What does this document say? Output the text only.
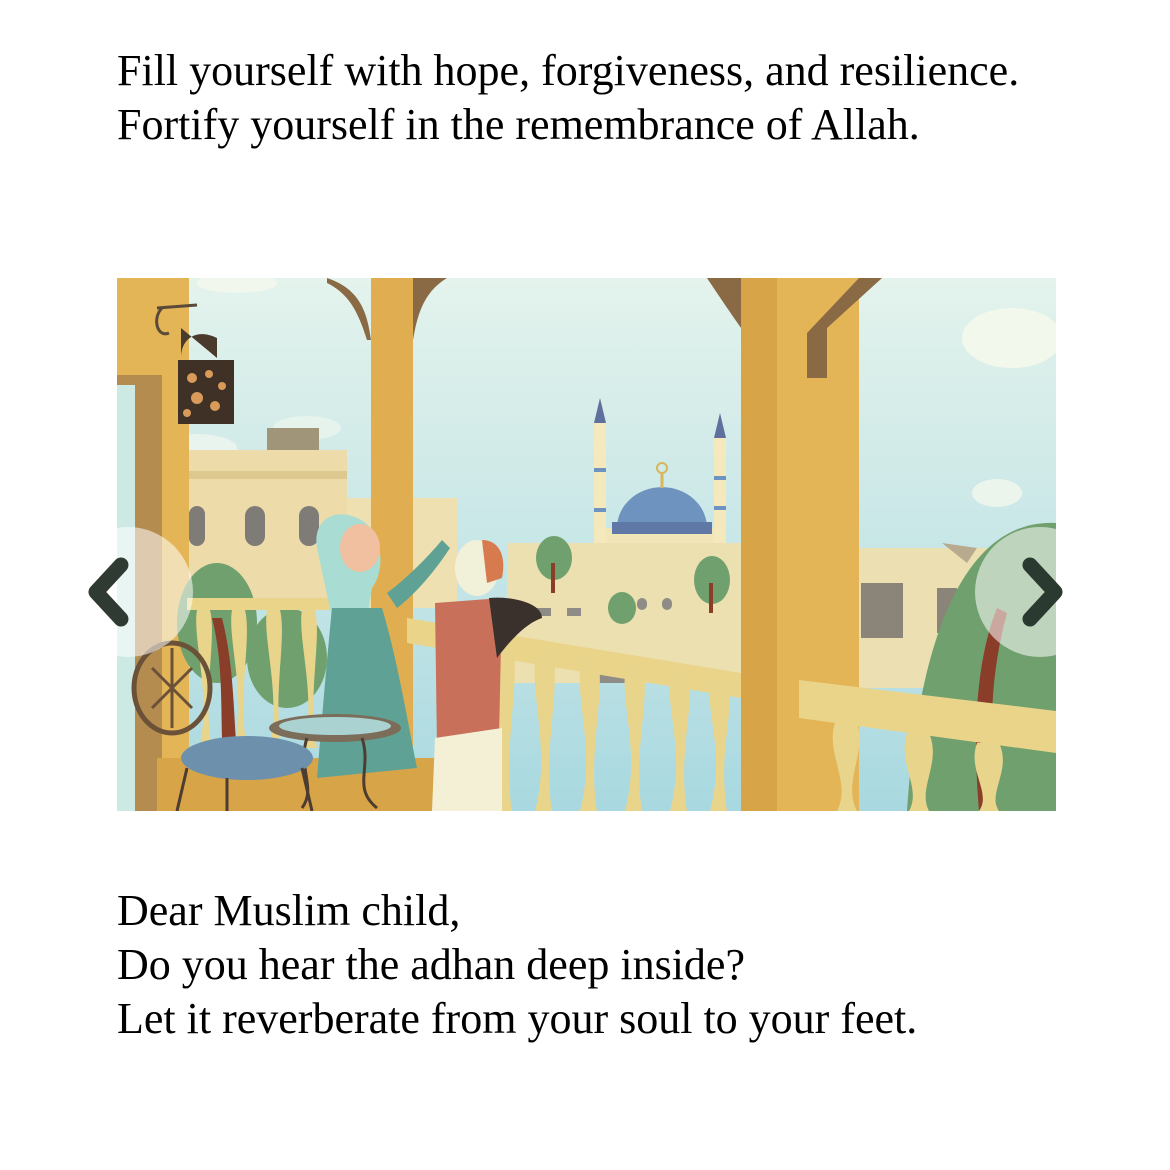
Fill yourself with hope, forgiveness, and resilience.
Fortify yourself in the remembrance of Allah.
Dear Muslim child,
Do you hear the adhan deep inside?
Let it reverberate from your soul to your feet.
